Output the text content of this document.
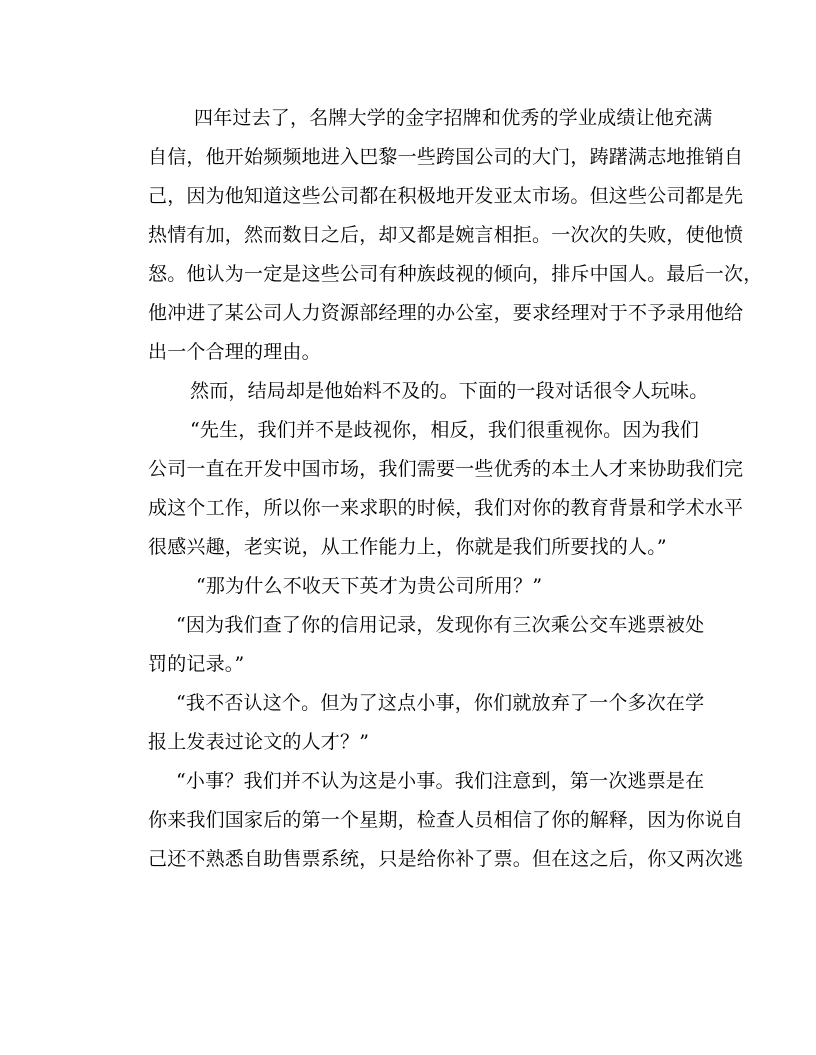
四年过去了，名牌大学的金字招牌和优秀的学业成绩让他充满
自信，他开始频频地进入巴黎一些跨国公司的大门，踌躇满志地推销自
己，因为他知道这些公司都在积极地开发亚太市场。但这些公司都是先
热情有加，然而数日之后，却又都是婉言相拒。一次次的失败，使他愤
怒。他认为一定是这些公司有种族歧视的倾向，排斥中国人。最后一次，
他冲进了某公司人力资源部经理的办公室，要求经理对于不予录用他给
出一个合理的理由。
然而，结局却是他始料不及的。下面的一段对话很令人玩味。
“先生，我们并不是歧视你，相反，我们很重视你。因为我们
公司一直在开发中国市场，我们需要一些优秀的本土人才来协助我们完
成这个工作，所以你一来求职的时候，我们对你的教育背景和学术水平
很感兴趣，老实说，从工作能力上，你就是我们所要找的人。”
“那为什么不收天下英才为贵公司所用？”
“因为我们查了你的信用记录，发现你有三次乘公交车逃票被处
罚的记录。”
“我不否认这个。但为了这点小事，你们就放弃了一个多次在学
报上发表过论文的人才？”
“小事？我们并不认为这是小事。我们注意到，第一次逃票是在
你来我们国家后的第一个星期，检查人员相信了你的解释，因为你说自
己还不熟悉自助售票系统，只是给你补了票。但在这之后，你又两次逃
